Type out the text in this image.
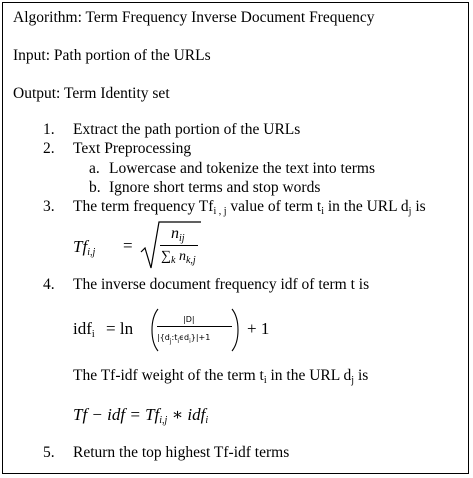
Algorithm: Term Frequency Inverse Document Frequency
Input: Path portion of the URLs
Output: Term Identity set
1. Extract the path portion of the URLs
2. Text Preprocessing
a. Lowercase and tokenize the text into terms
b. Ignore short terms and stop words
3. The term frequency $Tf_{i , j}$ value of term $t_i$ in the URL $d_j$ is
$Tf_{i,j}$ =
$n_{ij}$
$\sum_k$ $n_{k,j}$
4. The inverse document frequency idf of term t is
idf$_i$ = ln	|D|
$|\{d_j:t_i\epsilon d_i\}|+1 + 1$
The Tf-idf weight of the term $t_i$ in the URL $d_j$ is
Tf − idf = $Tf_{i,j}$ ∗ idf$_i$
5. Return the top highest Tf-idf terms
